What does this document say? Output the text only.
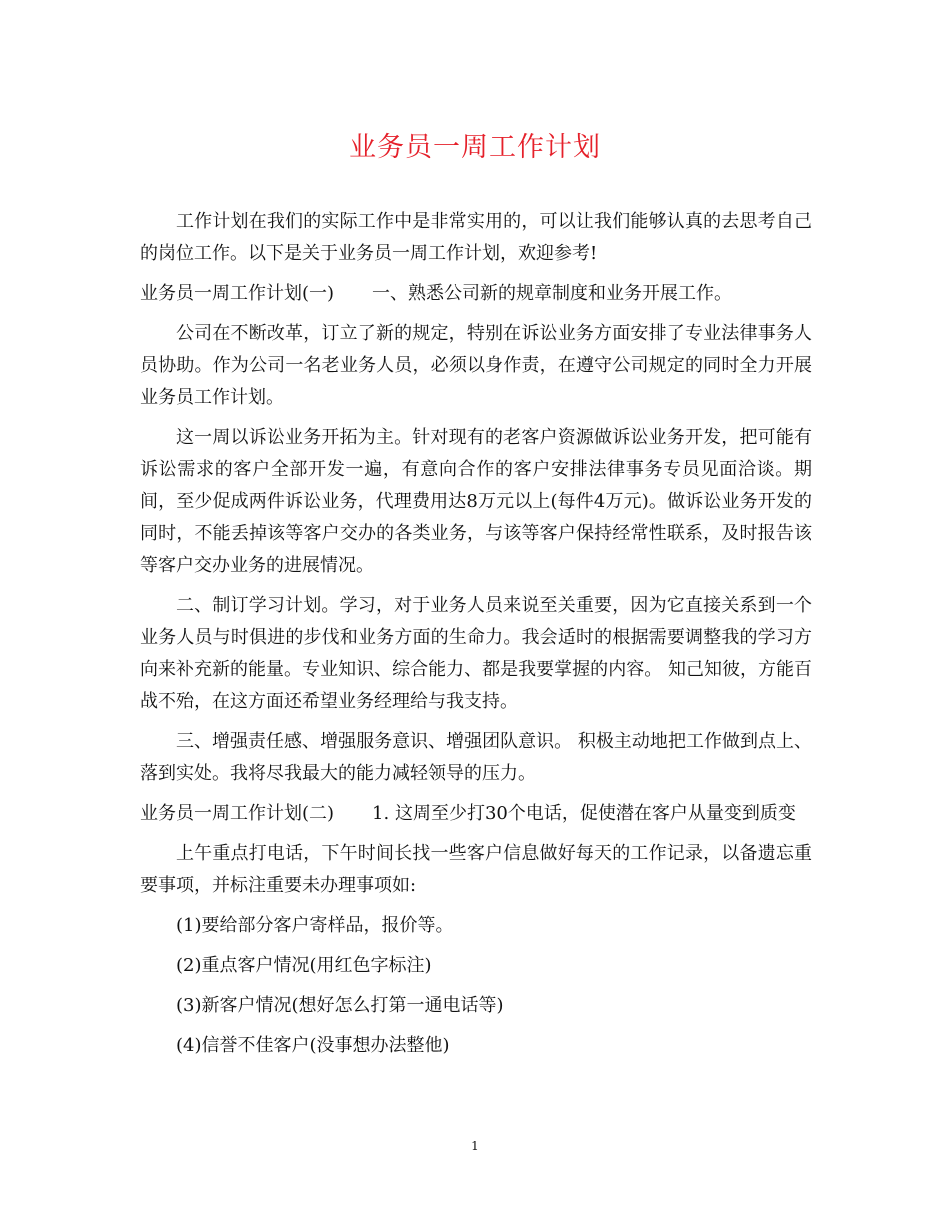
业务员一周工作计划

工作计划在我们的实际工作中是非常实用的，可以让我们能够认真的去思考自己的岗位工作。以下是关于业务员一周工作计划，欢迎参考!

业务员一周工作计划(一) 一、熟悉公司新的规章制度和业务开展工作。

公司在不断改革，订立了新的规定，特别在诉讼业务方面安排了专业法律事务人员协助。作为公司一名老业务人员，必须以身作责，在遵守公司规定的同时全力开展业务员工作计划。

这一周以诉讼业务开拓为主。针对现有的老客户资源做诉讼业务开发，把可能有诉讼需求的客户全部开发一遍，有意向合作的客户安排法律事务专员见面洽谈。期间，至少促成两件诉讼业务，代理费用达8万元以上(每件4万元)。做诉讼业务开发的同时，不能丢掉该等客户交办的各类业务，与该等客户保持经常性联系，及时报告该等客户交办业务的进展情况。

二、制订学习计划。学习，对于业务人员来说至关重要，因为它直接关系到一个业务人员与时俱进的步伐和业务方面的生命力。我会适时的根据需要调整我的学习方向来补充新的能量。专业知识、综合能力、都是我要掌握的内容。 知己知彼，方能百战不殆，在这方面还希望业务经理给与我支持。

三、增强责任感、增强服务意识、增强团队意识。 积极主动地把工作做到点上、落到实处。我将尽我最大的能力减轻领导的压力。

业务员一周工作计划(二) 1. 这周至少打30个电话，促使潜在客户从量变到质变

上午重点打电话，下午时间长找一些客户信息做好每天的工作记录，以备遗忘重要事项，并标注重要未办理事项如:

(1)要给部分客户寄样品，报价等。

(2)重点客户情况(用红色字标注)

(3)新客户情况(想好怎么打第一通电话等)

(4)信誉不佳客户(没事想办法整他)

1
